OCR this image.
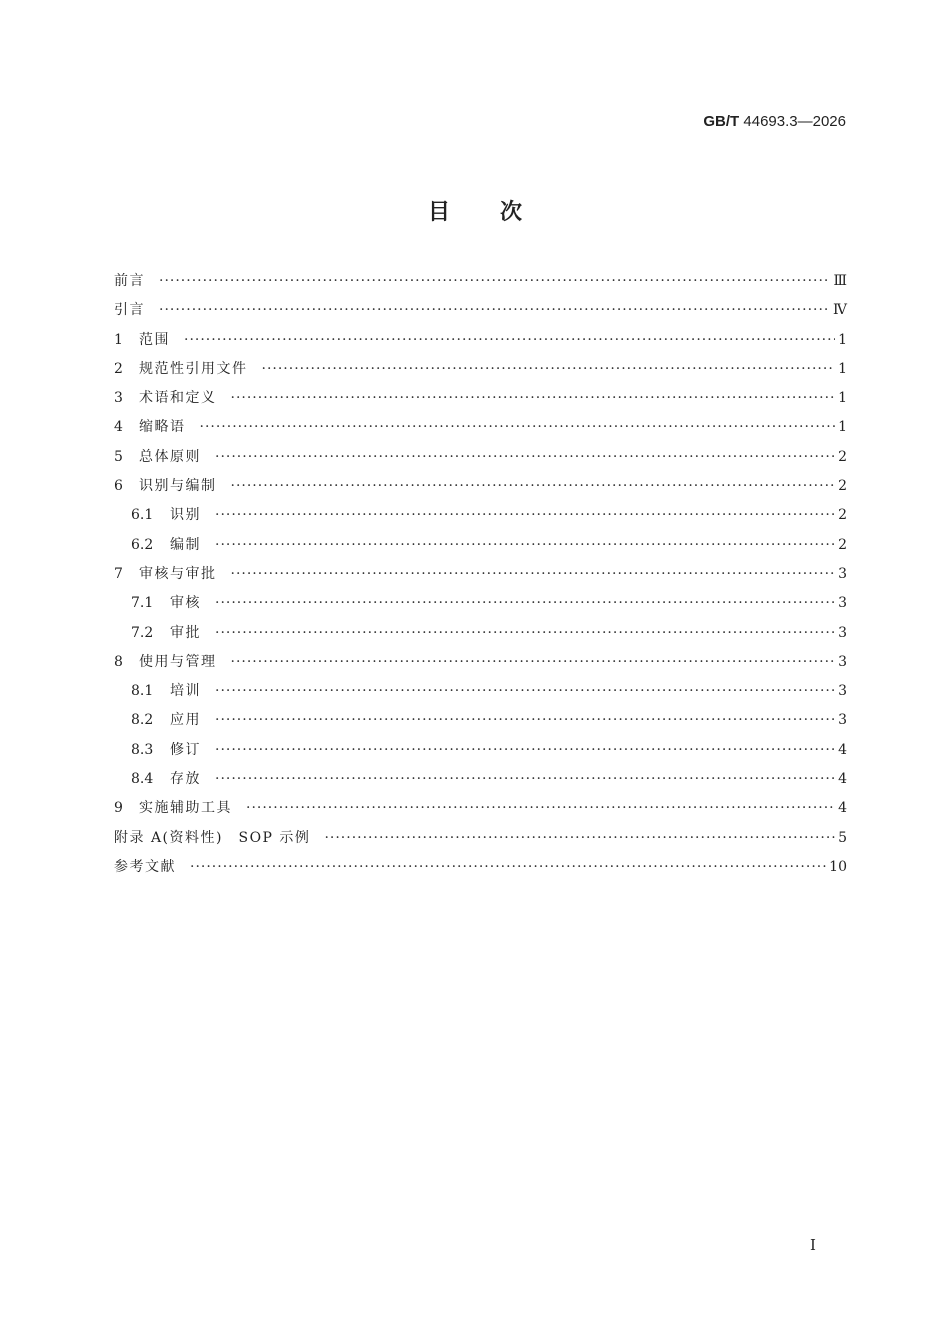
GB/T 44693.3—2026
目次
前言 ·····	Ⅲ
引言 ·····	Ⅳ
1	范围 ·····	1
2	规范性引用文件 ·····	1
3	术语和定义 ·····	1
4	缩略语 ·····	1
5	总体原则 ·····	2
6	识别与编制 ·····	2
6.1	识别 ·····	2
6.2	编制 ·····	2
7	审核与审批 ·····	3
7.1	审核 ·····	3
7.2	审批 ·····	3
8	使用与管理 ·····	3
8.1	培训 ·····	3
8.2	应用 ·····	3
8.3	修订 ·····	4
8.4	存放 ·····	4
9	实施辅助工具 ·····	4
附录 A(资料性)　SOP 示例 ·····	5
参考文献 ·····	10
I
